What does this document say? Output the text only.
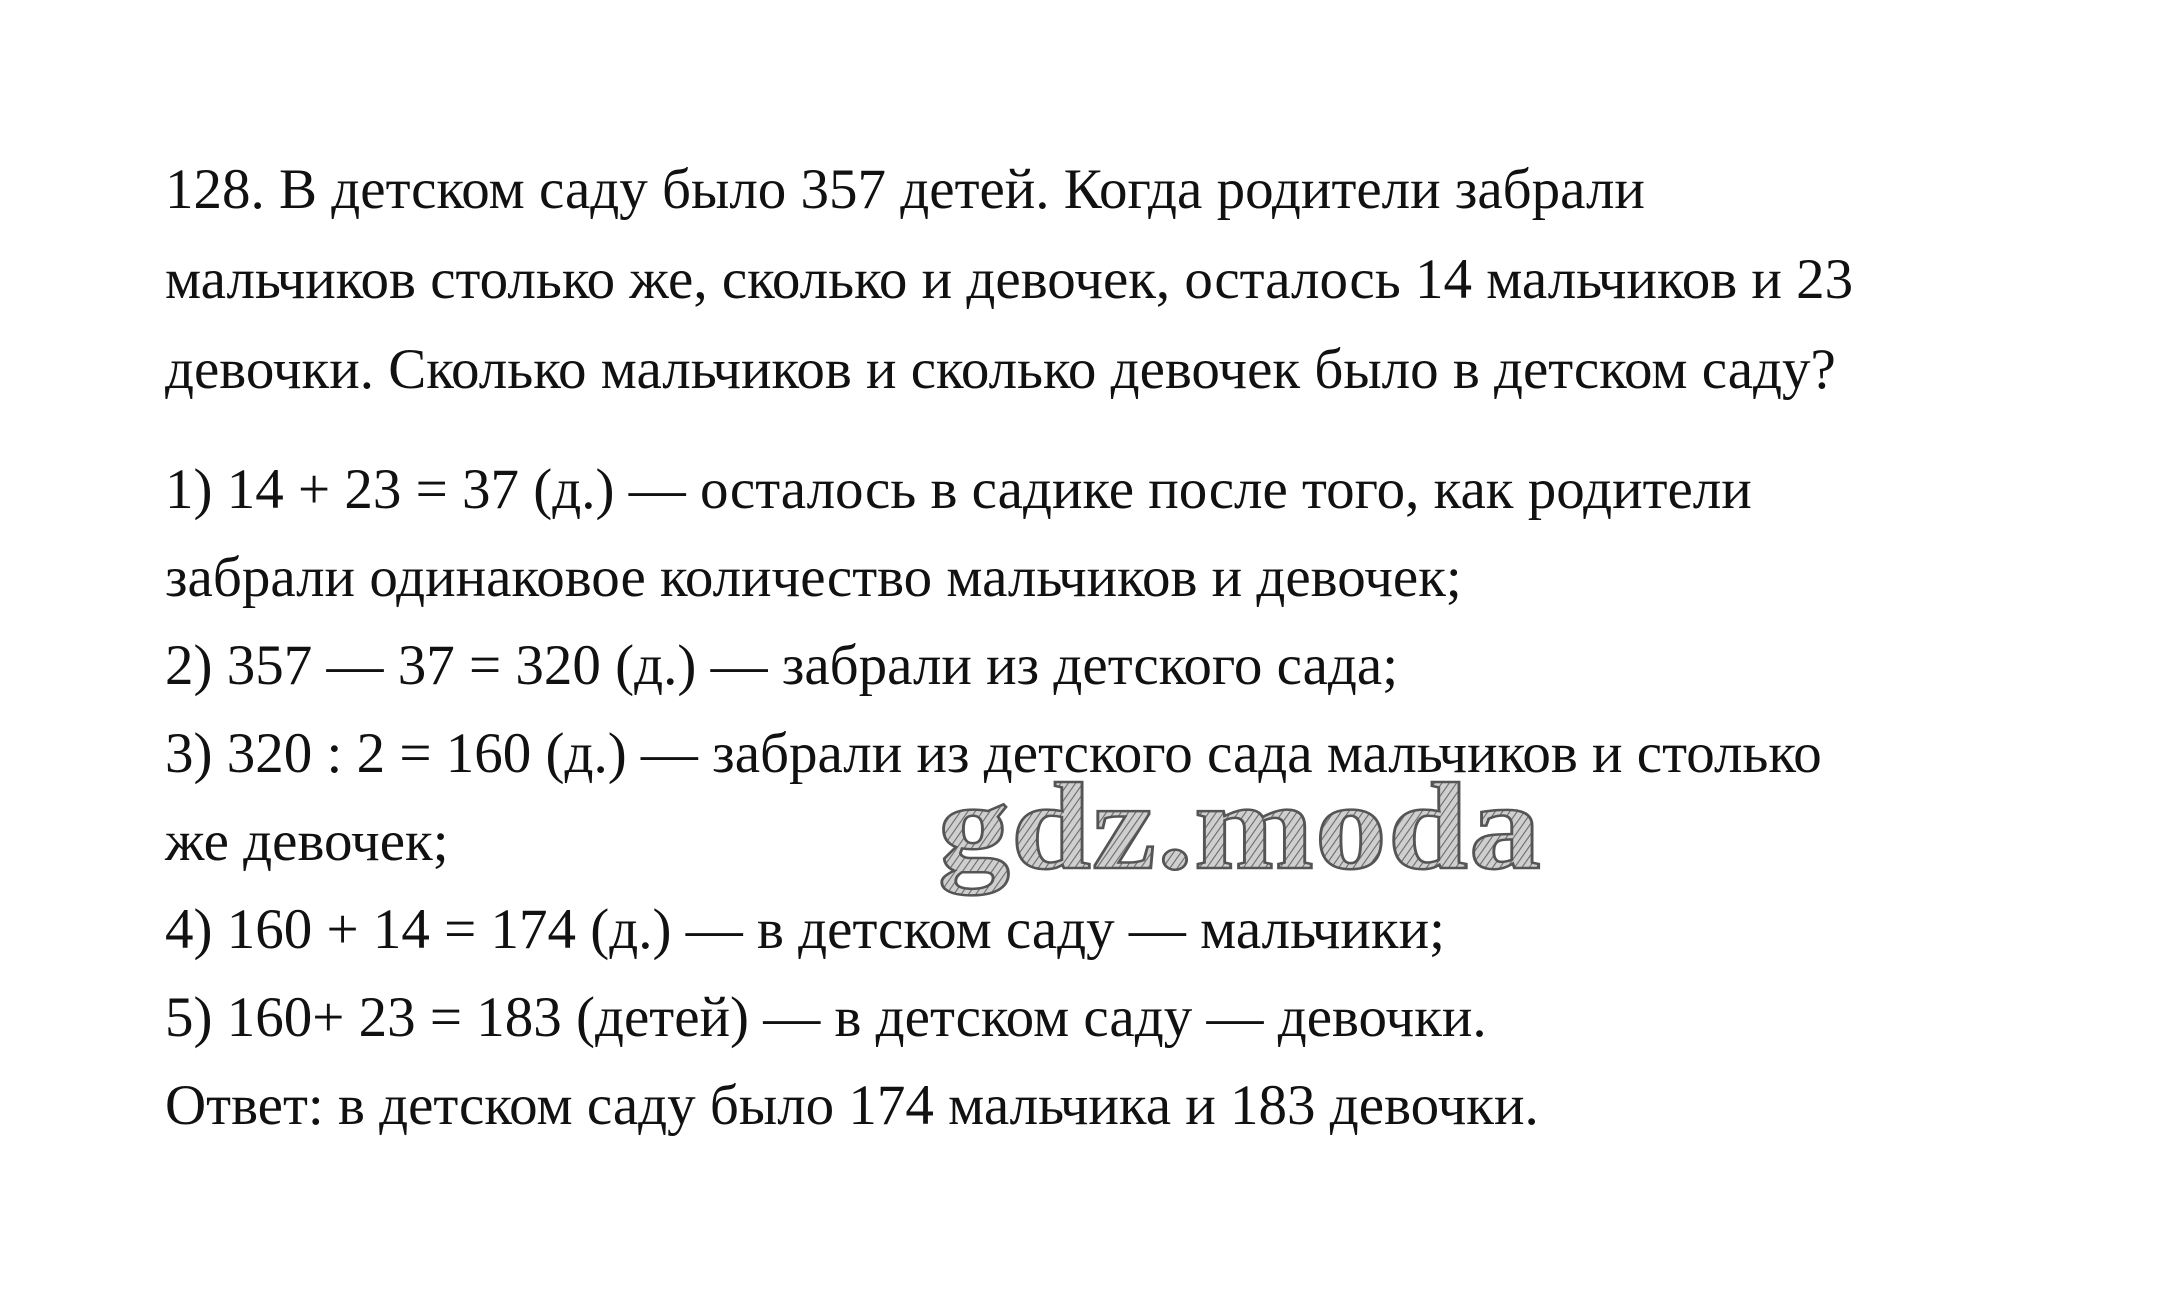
128. В детском саду было 357 детей. Когда родители забрали
мальчиков столько же, сколько и девочек, осталось 14 мальчиков и 23
девочки. Сколько мальчиков и сколько девочек было в детском саду?
1) 14 + 23 = 37 (д.) — осталось в садике после того, как родители
забрали одинаковое количество мальчиков и девочек;
2) 357 — 37 = 320 (д.) — забрали из детского сада;
3) 320 : 2 = 160 (д.) — забрали из детского сада мальчиков и столько
же девочек;
4) 160 + 14 = 174 (д.) — в детском саду — мальчики;
5) 160+ 23 = 183 (детей) — в детском саду — девочки.
Ответ: в детском саду было 174 мальчика и 183 девочки.
gdz.moda
